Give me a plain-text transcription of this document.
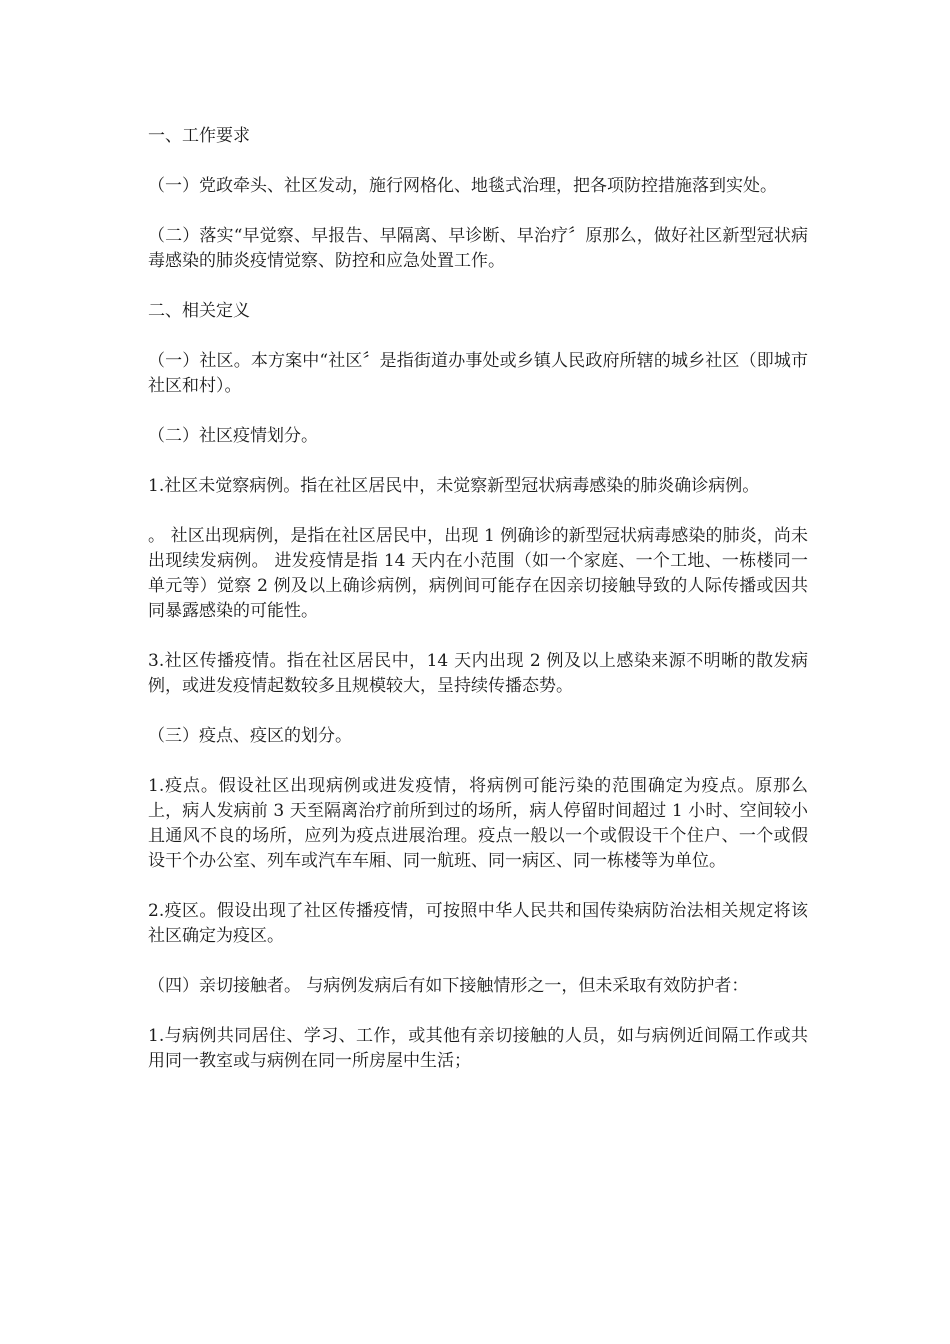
一、工作要求

（一）党政牵头、社区发动，施行网格化、地毯式治理，把各项防控措施落到实处。

（二）落实“早觉察、早报告、早隔离、早诊断、早治疗〞原那么，做好社区新型冠状病毒感染的肺炎疫情觉察、防控和应急处置工作。

二、相关定义

（一）社区。本方案中“社区〞是指街道办事处或乡镇人民政府所辖的城乡社区（即城市社区和村）。

（二）社区疫情划分。

1.社区未觉察病例。指在社区居民中，未觉察新型冠状病毒感染的肺炎确诊病例。

。 社区出现病例，是指在社区居民中，出现 1 例确诊的新型冠状病毒感染的肺炎，尚未出现续发病例。 进发疫情是指 14 天内在小范围（如一个家庭、一个工地、一栋楼同一单元等）觉察 2 例及以上确诊病例，病例间可能存在因亲切接触导致的人际传播或因共同暴露感染的可能性。

3.社区传播疫情。指在社区居民中，14 天内出现 2 例及以上感染来源不明晰的散发病例，或进发疫情起数较多且规模较大，呈持续传播态势。

（三）疫点、疫区的划分。

1.疫点。假设社区出现病例或进发疫情，将病例可能污染的范围确定为疫点。原那么上，病人发病前 3 天至隔离治疗前所到过的场所，病人停留时间超过 1 小时、空间较小且通风不良的场所，应列为疫点进展治理。疫点一般以一个或假设干个住户、一个或假设干个办公室、列车或汽车车厢、同一航班、同一病区、同一栋楼等为单位。

2.疫区。假设出现了社区传播疫情，可按照中华人民共和国传染病防治法相关规定将该社区确定为疫区。

（四）亲切接触者。 与病例发病后有如下接触情形之一，但未采取有效防护者：

1.与病例共同居住、学习、工作，或其他有亲切接触的人员，如与病例近间隔工作或共用同一教室或与病例在同一所房屋中生活；
